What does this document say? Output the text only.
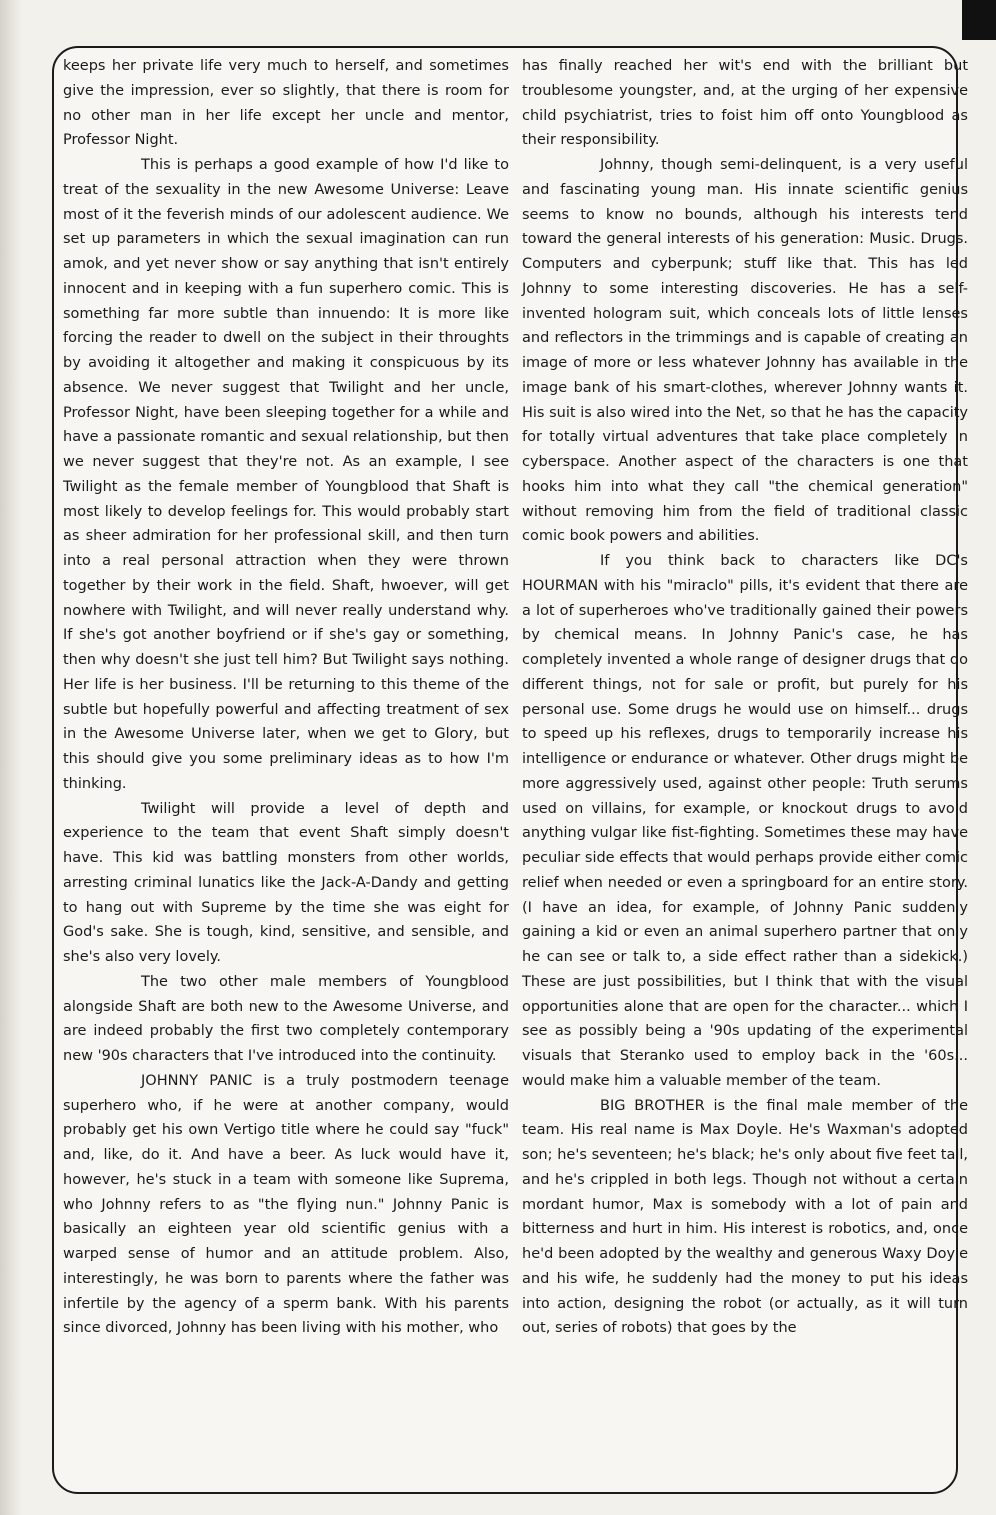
keeps her private life very much to herself, and sometimes give the impression, ever so slightly, that there is room for no other man in her life except her uncle and mentor, Professor Night.

This is perhaps a good example of how I'd like to treat of the sexuality in the new Awesome Universe: Leave most of it the feverish minds of our adolescent audience. We set up parameters in which the sexual imagination can run amok, and yet never show or say anything that isn't entirely innocent and in keeping with a fun superhero comic. This is something far more subtle than innuendo: It is more like forcing the reader to dwell on the subject in their throughts by avoiding it altogether and making it conspicuous by its absence. We never suggest that Twilight and her uncle, Professor Night, have been sleeping together for a while and have a passionate romantic and sexual relationship, but then we never suggest that they're not. As an example, I see Twilight as the female member of Youngblood that Shaft is most likely to develop feelings for. This would probably start as sheer admiration for her professional skill, and then turn into a real personal attraction when they were thrown together by their work in the field. Shaft, hwoever, will get nowhere with Twilight, and will never really understand why. If she's got another boyfriend or if she's gay or something, then why doesn't she just tell him? But Twilight says nothing. Her life is her business. I'll be returning to this theme of the subtle but hopefully powerful and affecting treatment of sex in the Awesome Universe later, when we get to Glory, but this should give you some preliminary ideas as to how I'm thinking.

Twilight will provide a level of depth and experience to the team that event Shaft simply doesn't have. This kid was battling monsters from other worlds, arresting criminal lunatics like the Jack-A-Dandy and getting to hang out with Supreme by the time she was eight for God's sake. She is tough, kind, sensitive, and sensible, and she's also very lovely.

The two other male members of Youngblood alongside Shaft are both new to the Awesome Universe, and are indeed probably the first two completely contemporary new '90s characters that I've introduced into the continuity.

JOHNNY PANIC is a truly postmodern teenage superhero who, if he were at another company, would probably get his own Vertigo title where he could say "fuck" and, like, do it. And have a beer. As luck would have it, however, he's stuck in a team with someone like Suprema, who Johnny refers to as "the flying nun." Johnny Panic is basically an eighteen year old scientific genius with a warped sense of humor and an attitude problem. Also, interestingly, he was born to parents where the father was infertile by the agency of a sperm bank. With his parents since divorced, Johnny has been living with his mother, who

has finally reached her wit's end with the brilliant but troublesome youngster, and, at the urging of her expensive child psychiatrist, tries to foist him off onto Youngblood as their responsibility.

Johnny, though semi-delinquent, is a very useful and fascinating young man. His innate scientific genius seems to know no bounds, although his interests tend toward the general interests of his generation: Music. Drugs. Computers and cyberpunk; stuff like that. This has led Johnny to some interesting discoveries. He has a self-invented hologram suit, which conceals lots of little lenses and reflectors in the trimmings and is capable of creating an image of more or less whatever Johnny has available in the image bank of his smart-clothes, wherever Johnny wants it. His suit is also wired into the Net, so that he has the capacity for totally virtual adventures that take place completely in cyberspace. Another aspect of the characters is one that hooks him into what they call "the chemical generation" without removing him from the field of traditional classic comic book powers and abilities.

If you think back to characters like DC's HOURMAN with his "miraclo" pills, it's evident that there are a lot of superheroes who've traditionally gained their powers by chemical means. In Johnny Panic's case, he has completely invented a whole range of designer drugs that do different things, not for sale or profit, but purely for his personal use. Some drugs he would use on himself... drugs to speed up his reflexes, drugs to temporarily increase his intelligence or endurance or whatever. Other drugs might be more aggressively used, against other people: Truth serums used on villains, for example, or knockout drugs to avoid anything vulgar like fist-fighting. Sometimes these may have peculiar side effects that would perhaps provide either comic relief when needed or even a springboard for an entire story. (I have an idea, for example, of Johnny Panic suddenly gaining a kid or even an animal superhero partner that only he can see or talk to, a side effect rather than a sidekick.) These are just possibilities, but I think that with the visual opportunities alone that are open for the character... which I see as possibly being a '90s updating of the experimental visuals that Steranko used to employ back in the '60s... would make him a valuable member of the team.

BIG BROTHER is the final male member of the team. His real name is Max Doyle. He's Waxman's adopted son; he's seventeen; he's black; he's only about five feet tall, and he's crippled in both legs. Though not without a certain mordant humor, Max is somebody with a lot of pain and bitterness and hurt in him. His interest is robotics, and, once he'd been adopted by the wealthy and generous Waxy Doyle and his wife, he suddenly had the money to put his ideas into action, designing the robot (or actually, as it will turn out, series of robots) that goes by the
